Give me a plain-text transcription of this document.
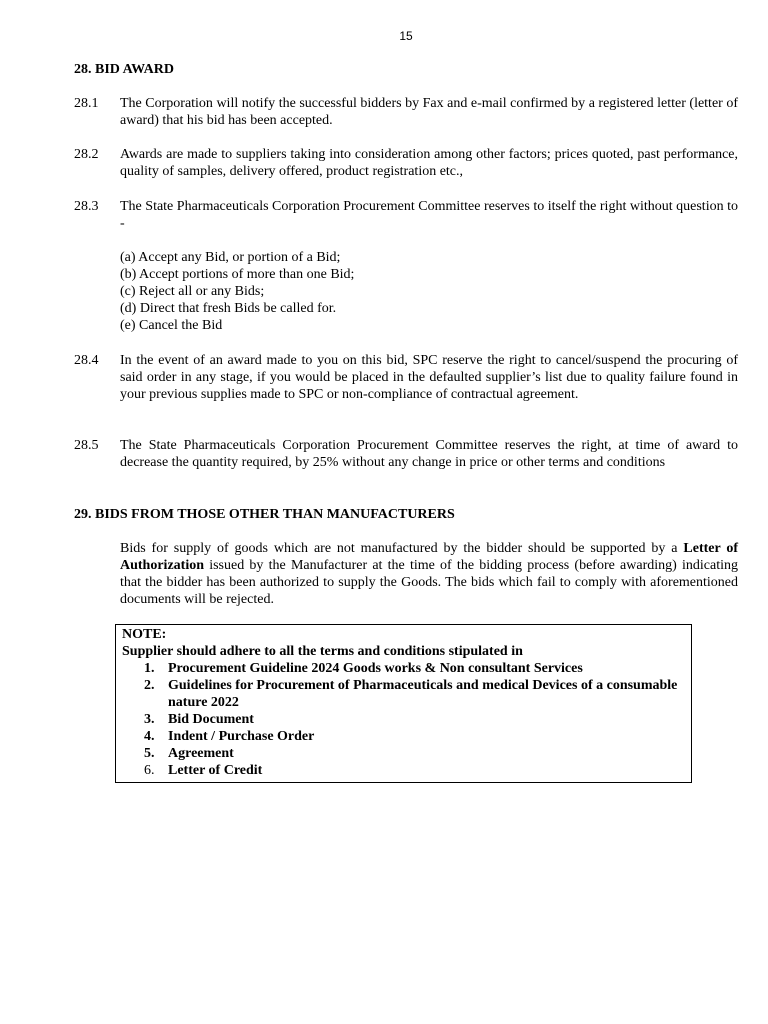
15
28. BID AWARD
28.1 The Corporation will notify the successful bidders by Fax and e-mail confirmed by a registered letter (letter of award) that his bid has been accepted.
28.2 Awards are made to suppliers taking into consideration among other factors; prices quoted, past performance, quality of samples, delivery offered, product registration etc.,
28.3 The State Pharmaceuticals Corporation Procurement Committee reserves to itself the right without question to -
(a) Accept any Bid, or portion of a Bid;
(b) Accept portions of more than one Bid;
(c) Reject all or any Bids;
(d) Direct that fresh Bids be called for.
(e) Cancel the Bid
28.4 In the event of an award made to you on this bid, SPC reserve the right to cancel/suspend the procuring of said order in any stage, if you would be placed in the defaulted supplier’s list due to quality failure found in your previous supplies made to SPC or non-compliance of contractual agreement.
28.5 The State Pharmaceuticals Corporation Procurement Committee reserves the right, at time of award to decrease the quantity required, by 25% without any change in price or other terms and conditions
29. BIDS FROM THOSE OTHER THAN MANUFACTURERS
Bids for supply of goods which are not manufactured by the bidder should be supported by a Letter of Authorization issued by the Manufacturer at the time of the bidding process (before awarding) indicating that the bidder has been authorized to supply the Goods. The bids which fail to comply with aforementioned documents will be rejected.
NOTE:
Supplier should adhere to all the terms and conditions stipulated in
1. Procurement Guideline 2024 Goods works & Non consultant Services
2. Guidelines for Procurement of Pharmaceuticals and medical Devices of a consumable nature 2022
3. Bid Document
4. Indent / Purchase Order
5. Agreement
6. Letter of Credit
